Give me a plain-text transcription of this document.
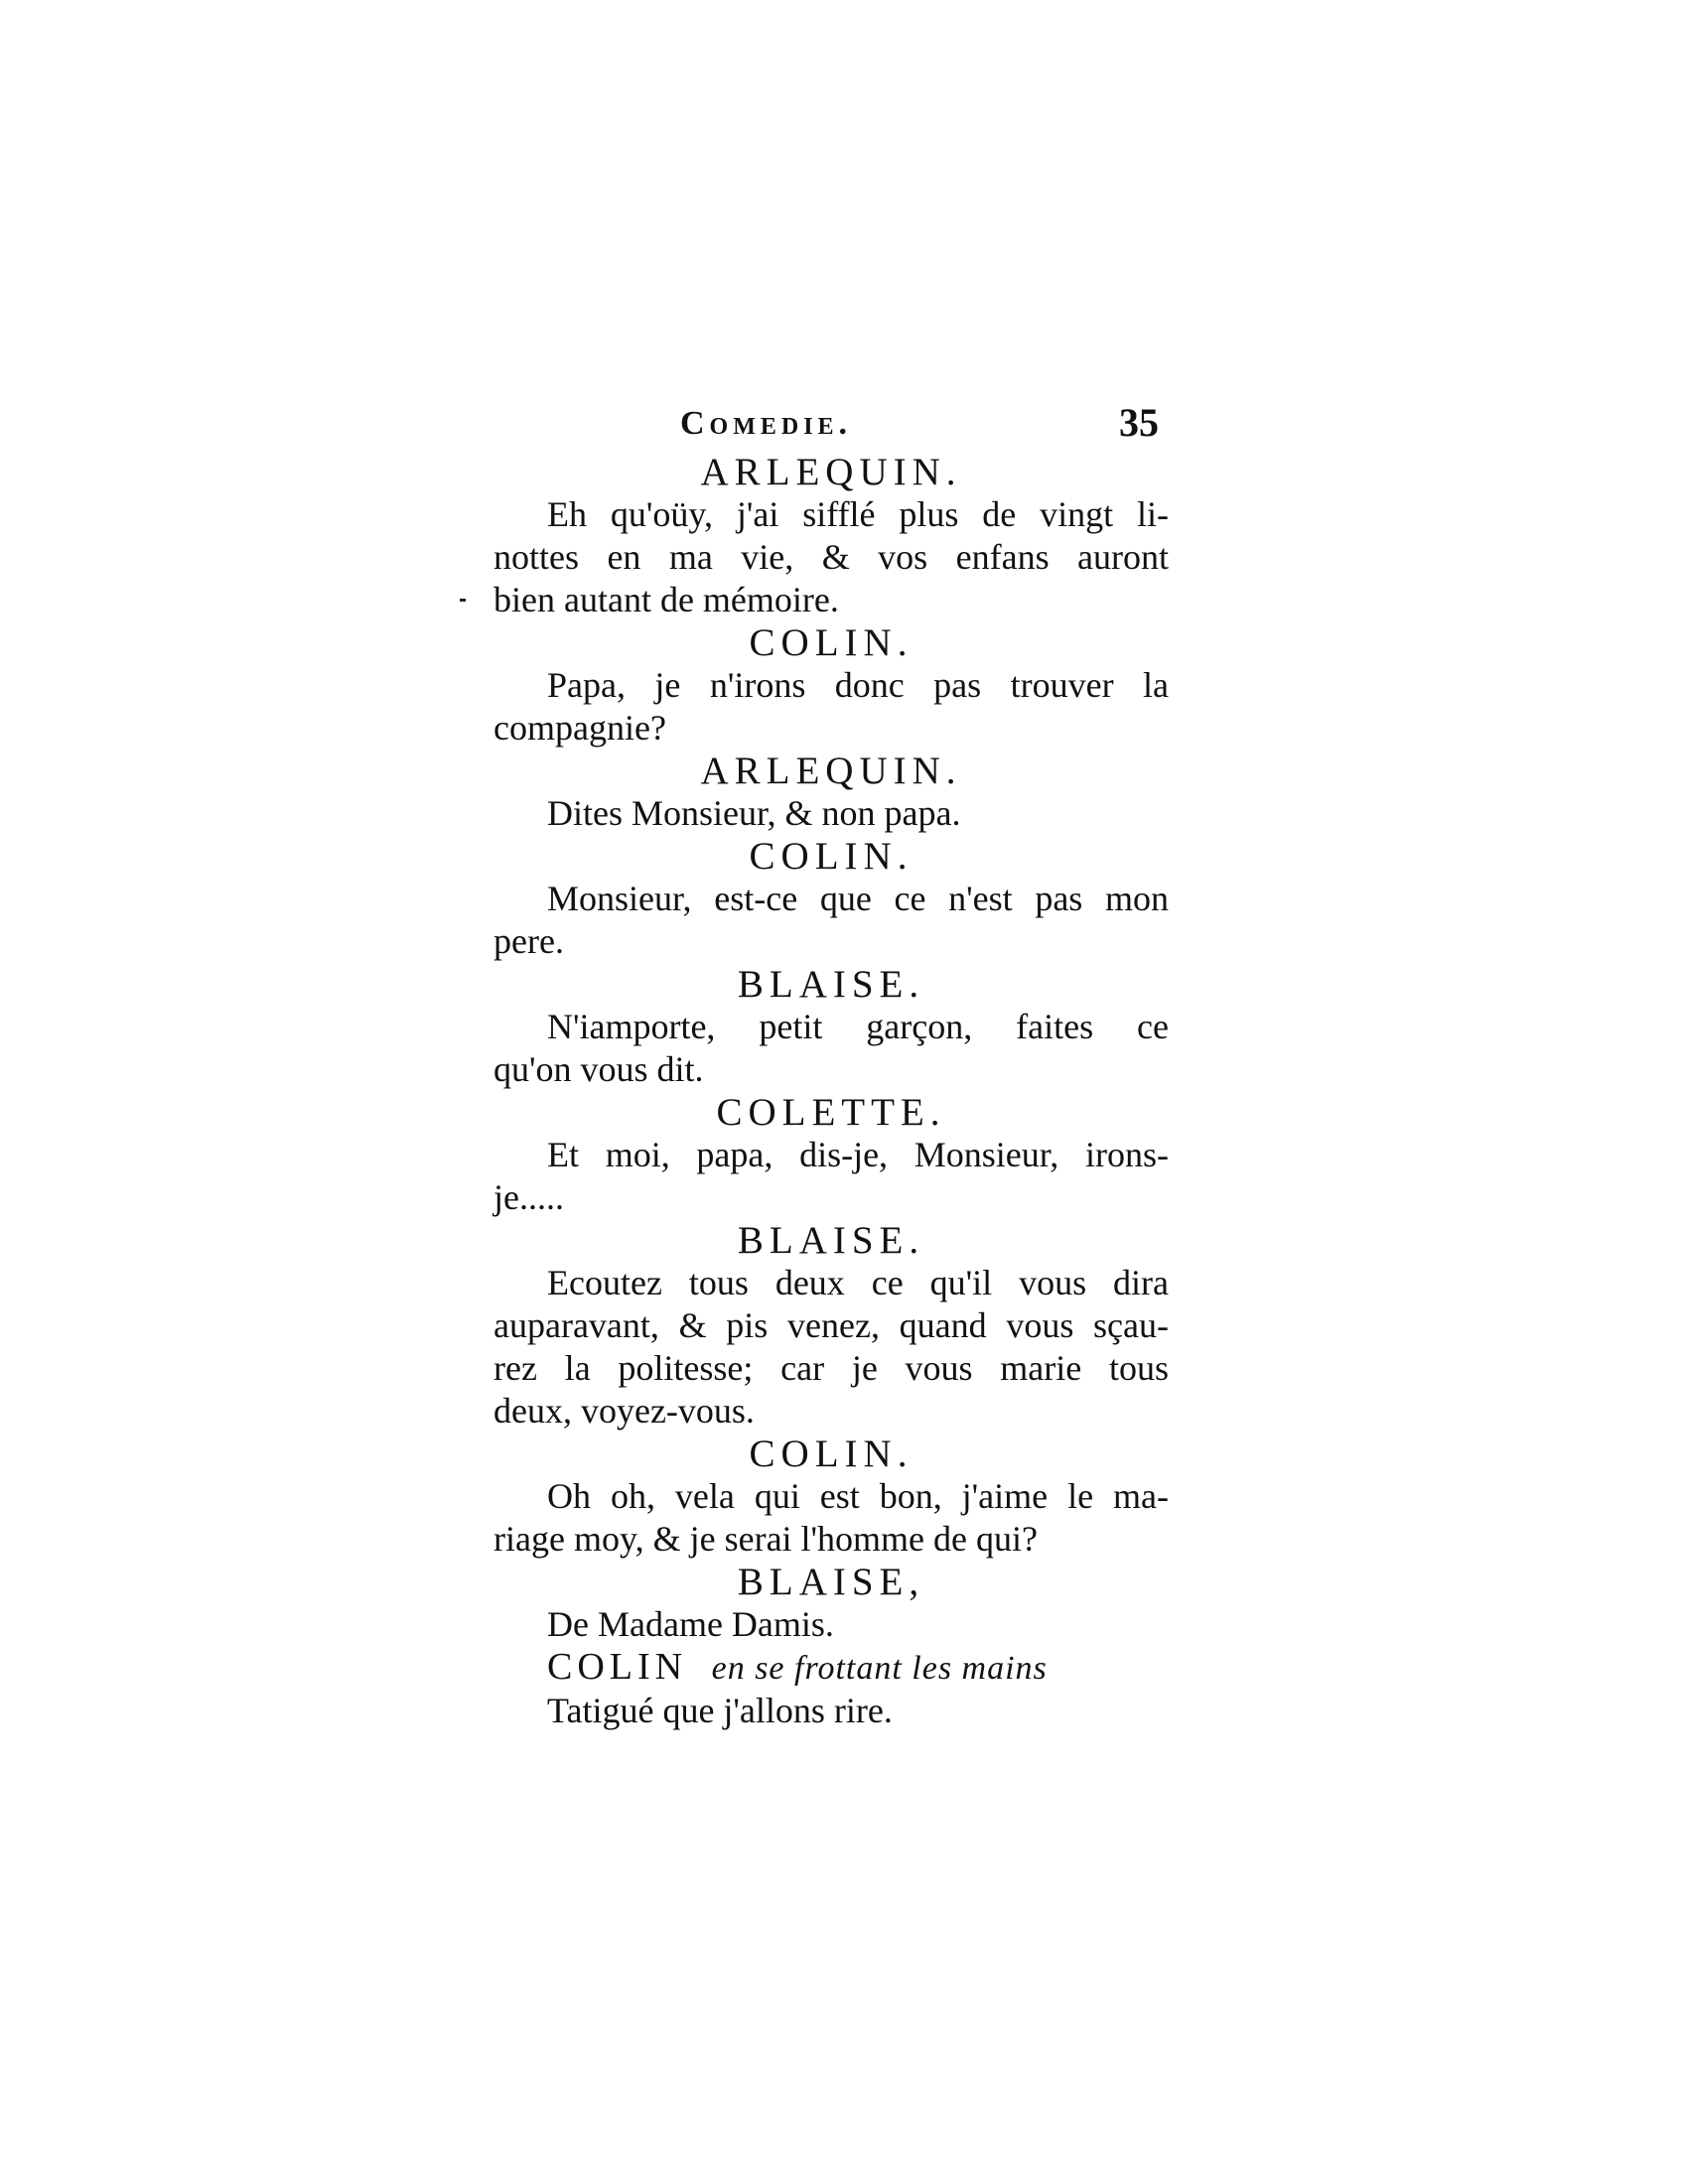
Comedie.	35
ARLEQUIN.
Eh qu'oüy, j'ai sifflé plus de vingt li-
nottes en ma vie, & vos enfans auront
bien autant de mémoire.
COLIN.
Papa, je n'irons donc pas trouver la
compagnie?
ARLEQUIN.
Dites Monsieur, & non papa.
COLIN.
Monsieur, est-ce que ce n'est pas mon
pere.
BLAISE.
N'iamporte, petit garçon, faites ce
qu'on vous dit.
COLETTE.
Et moi, papa, dis-je, Monsieur, irons-
je.....
BLAISE.
Ecoutez tous deux ce qu'il vous dira
auparavant, & pis venez, quand vous sçau-
rez la politesse; car je vous marie tous
deux, voyez-vous.
COLIN.
Oh oh, vela qui est bon, j'aime le ma-
riage moy, & je serai l'homme de qui?
BLAISE,
De Madame Damis.
COLIN en se frottant les mains
Tatigué que j'allons rire.
